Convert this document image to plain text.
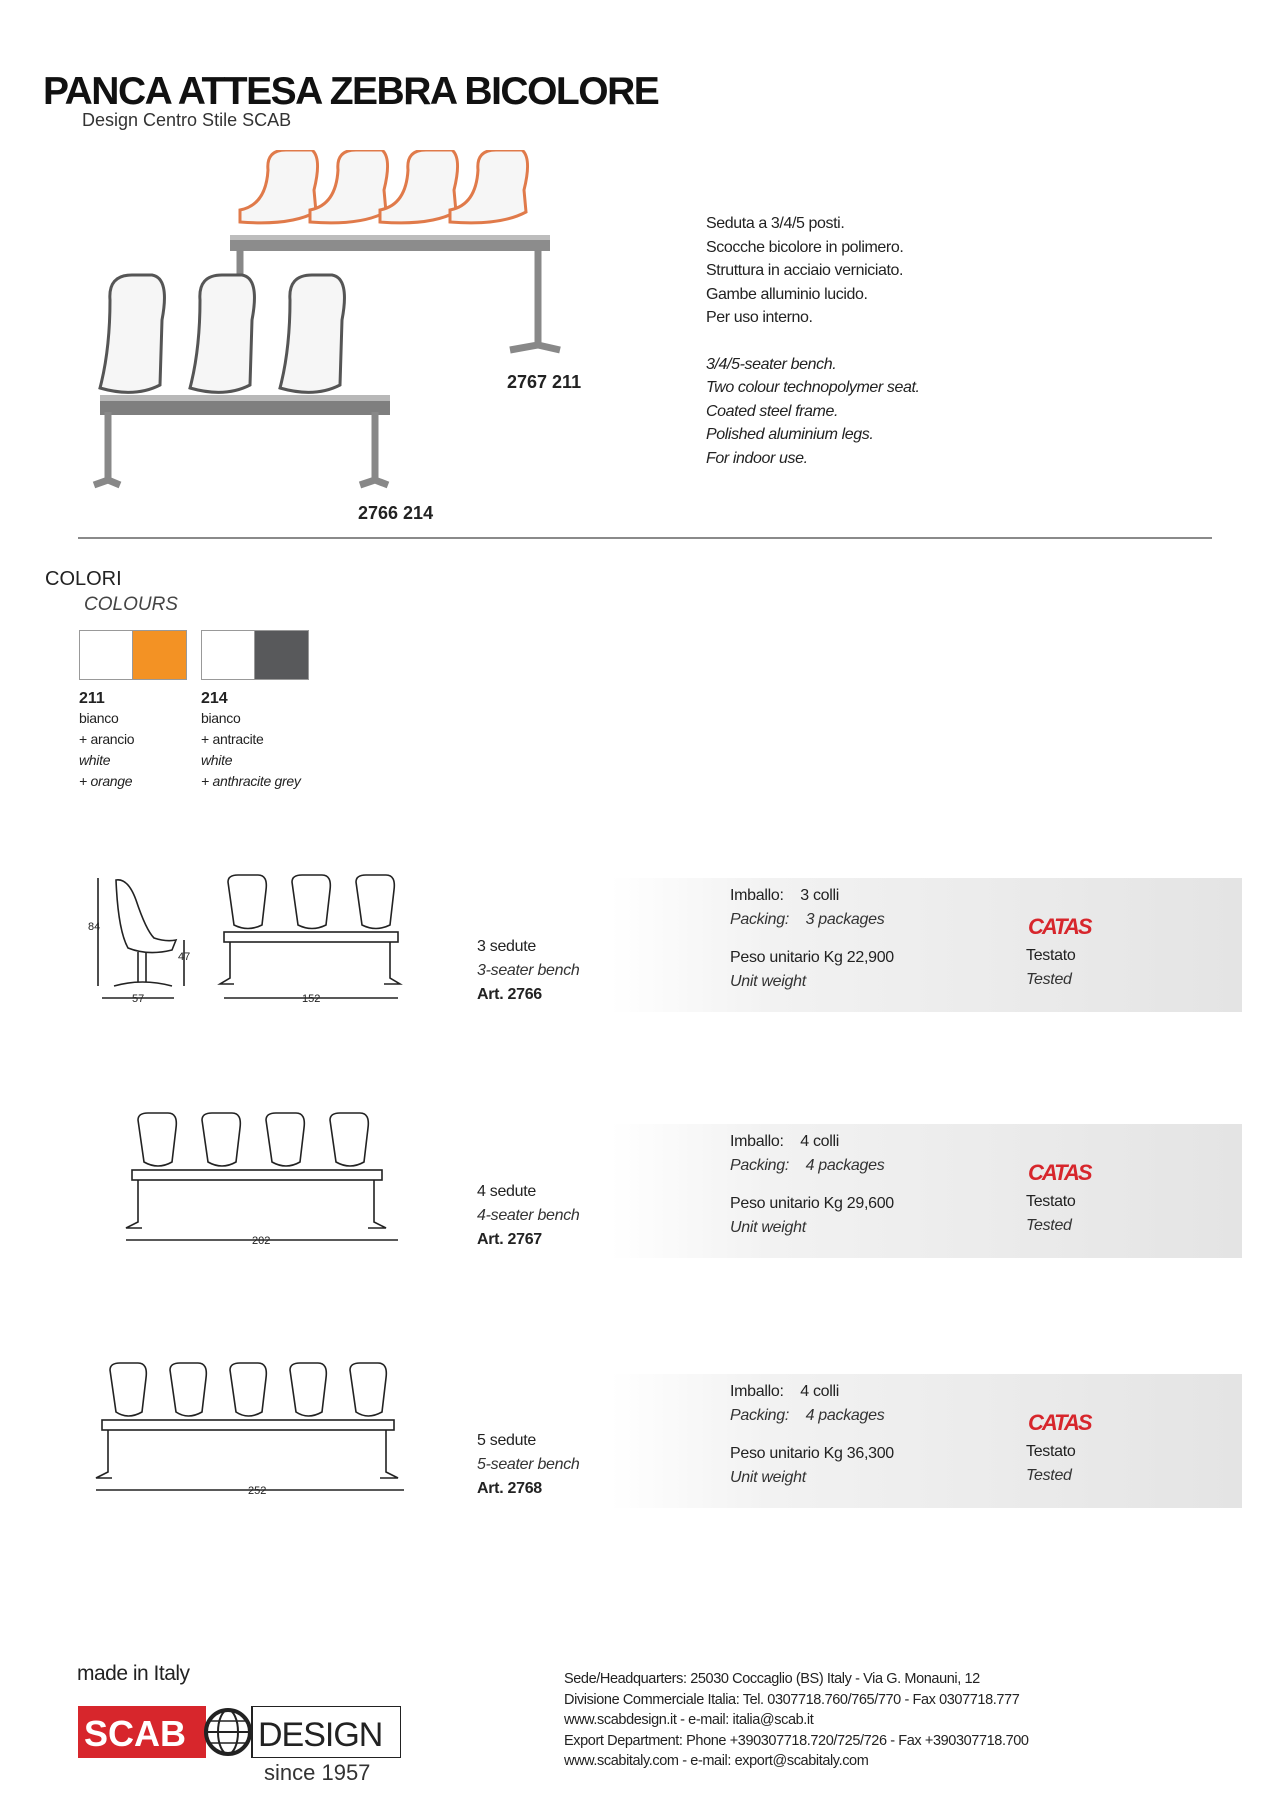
PANCA ATTESA ZEBRA BICOLORE
Design Centro Stile SCAB
2767 211
2766 214

Seduta a 3/4/5 posti.

Scocche bicolore in polimero.

Struttura in acciaio verniciato.

Gambe alluminio lucido.

Per uso interno.

3/4/5-seater bench.

Two colour technopolymer seat.

Coated steel frame.

Polished aluminium legs.

For indoor use.

COLORI
COLOURS
211
bianco
+ arancio
white
+ orange
214
bianco
+ antracite
white
+ anthracite grey
84
47
57	152
3 sedute
3-seater bench
Art. 2766
Imballo: 3 colli
Packing: 3 packages
Peso unitario Kg 22,900
Unit weight
CATAS
Testato
Tested
202
4 sedute
4-seater bench
Art. 2767
Imballo: 4 colli
Packing: 4 packages
Peso unitario Kg 29,600
Unit weight
CATAS
Testato
Tested
252
5 sedute
5-seater bench
Art. 2768
Imballo: 4 colli
Packing: 4 packages
Peso unitario Kg 36,300
Unit weight
CATAS
Testato
Tested
made in Italy
SCAB DESIGN
since 1957
Sede/Headquarters: 25030 Coccaglio (BS) Italy - Via G. Monauni, 12
Divisione Commerciale Italia: Tel. 0307718.760/765/770 - Fax 0307718.777
www.scabdesign.it - e-mail: italia@scab.it
Export Department: Phone +390307718.720/725/726 - Fax +390307718.700
www.scabitaly.com - e-mail: export@scabitaly.com
